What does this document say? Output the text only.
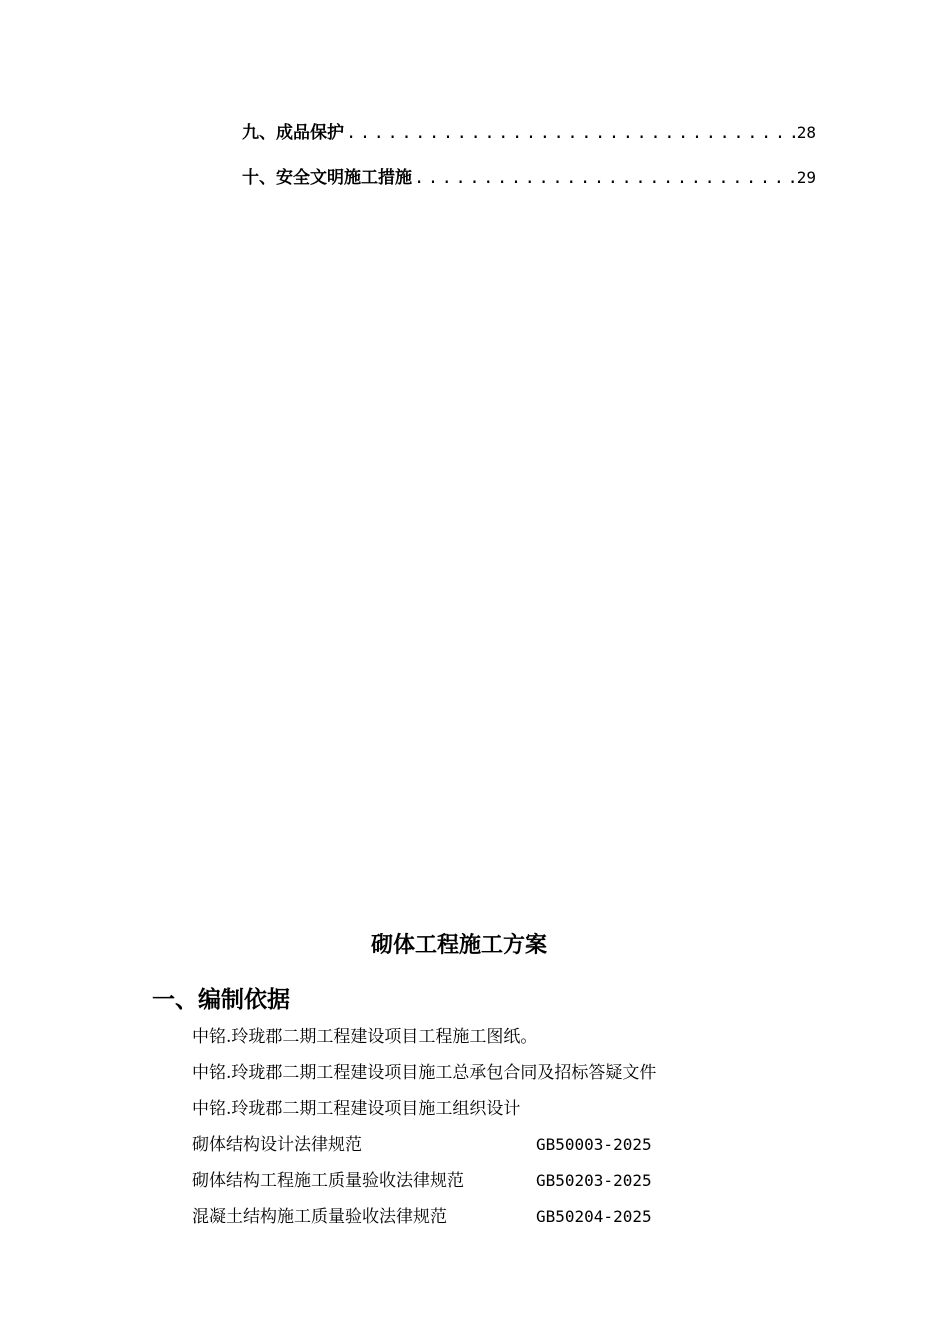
九、成品保护 .....	28
十、安全文明施工措施 .....	29
砌体工程施工方案
一、编制依据
中铭.玲珑郡二期工程建设项目工程施工图纸。
中铭.玲珑郡二期工程建设项目施工总承包合同及招标答疑文件
中铭.玲珑郡二期工程建设项目施工组织设计
砌体结构设计法律规范	GB50003-2025
砌体结构工程施工质量验收法律规范	GB50203-2025
混凝土结构施工质量验收法律规范	GB50204-2025
